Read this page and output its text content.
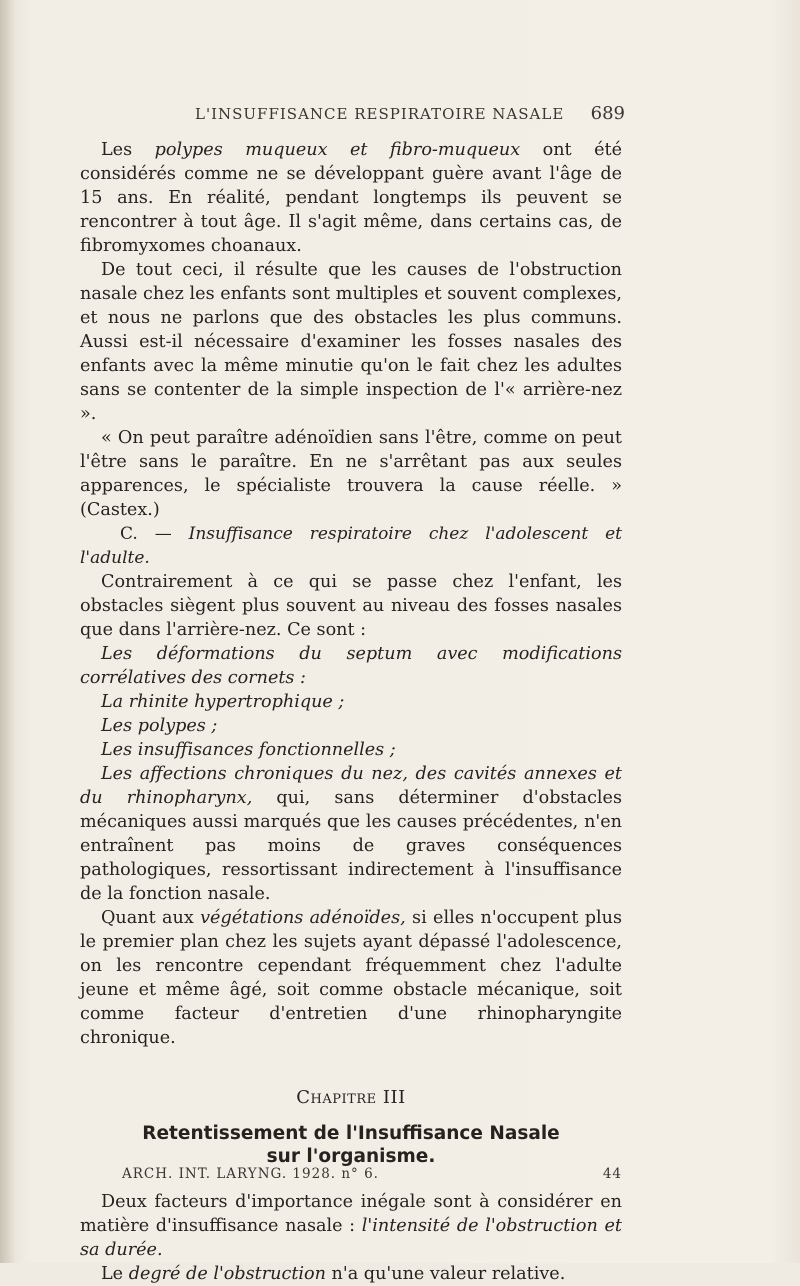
L'INSUFFISANCE RESPIRATOIRE NASALE 689

Les polypes muqueux et fibro-muqueux ont été considérés comme ne se développant guère avant l'âge de 15 ans. En réalité, pendant longtemps ils peuvent se rencontrer à tout âge. Il s'agit même, dans certains cas, de fibromyxomes choanaux.

De tout ceci, il résulte que les causes de l'obstruction nasale chez les enfants sont multiples et souvent complexes, et nous ne parlons que des obstacles les plus communs. Aussi est-il nécessaire d'examiner les fosses nasales des enfants avec la même minutie qu'on le fait chez les adultes sans se contenter de la simple inspection de l'« arrière-nez ».

« On peut paraître adénoïdien sans l'être, comme on peut l'être sans le paraître. En ne s'arrêtant pas aux seules apparences, le spécialiste trouvera la cause réelle. » (Castex.)

C. — Insuffisance respiratoire chez l'adolescent et l'adulte.

Contrairement à ce qui se passe chez l'enfant, les obstacles siègent plus souvent au niveau des fosses nasales que dans l'arrière-nez. Ce sont :

Les déformations du septum avec modifications corrélatives des cornets :

La rhinite hypertrophique ;

Les polypes ;

Les insuffisances fonctionnelles ;

Les affections chroniques du nez, des cavités annexes et du rhinopharynx, qui, sans déterminer d'obstacles mécaniques aussi marqués que les causes précédentes, n'en entraînent pas moins de graves conséquences pathologiques, ressortissant indirectement à l'insuffisance de la fonction nasale.

Quant aux végétations adénoïdes, si elles n'occupent plus le premier plan chez les sujets ayant dépassé l'adolescence, on les rencontre cependant fréquemment chez l'adulte jeune et même âgé, soit comme obstacle mécanique, soit comme facteur d'entretien d'une rhinopharyngite chronique.

Chapitre III
Retentissement de l'Insuffisance Nasale
sur l'organisme.

Deux facteurs d'importance inégale sont à considérer en matière d'insuffisance nasale : l'intensité de l'obstruction et sa durée.

Le degré de l'obstruction n'a qu'une valeur relative.

ARCH. INT. LARYNG. 1928. n° 6.	44
